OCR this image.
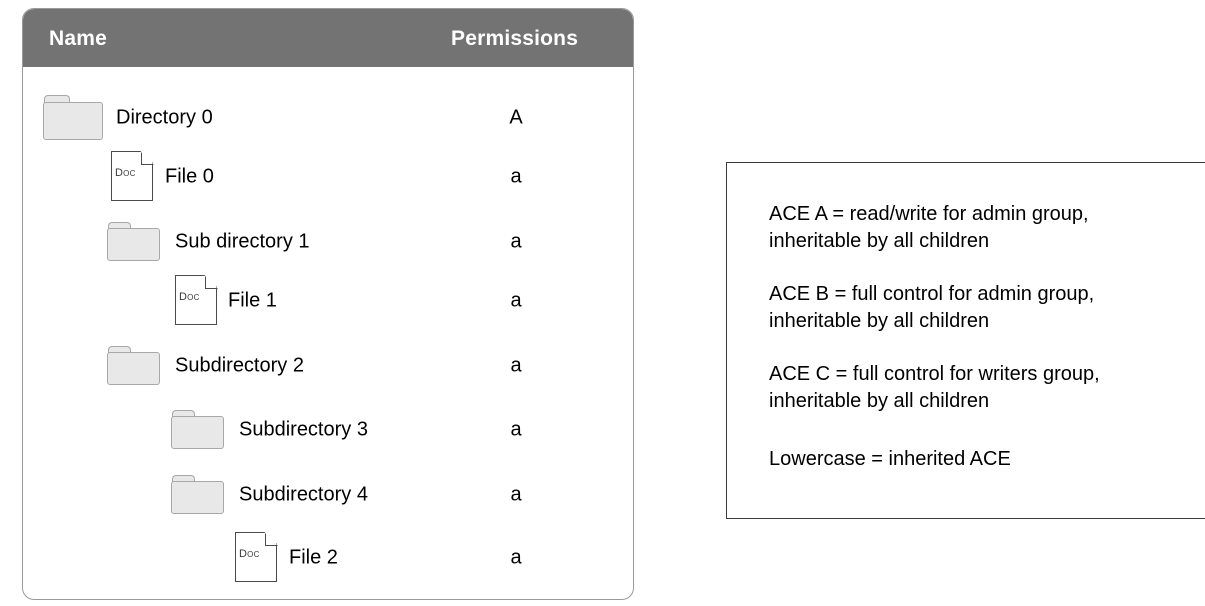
Name	Permissions
Directory 0	A
Doc File 0	a
Sub directory 1	a
Doc File 1	a
Subdirectory 2	a
Subdirectory 3	a
Subdirectory 4	a
Doc File 2	a
ACE A = read/write for admin group, inheritable by all children
ACE B = full control for admin group, inheritable by all children
ACE C = full control for writers group, inheritable by all children
Lowercase = inherited ACE
